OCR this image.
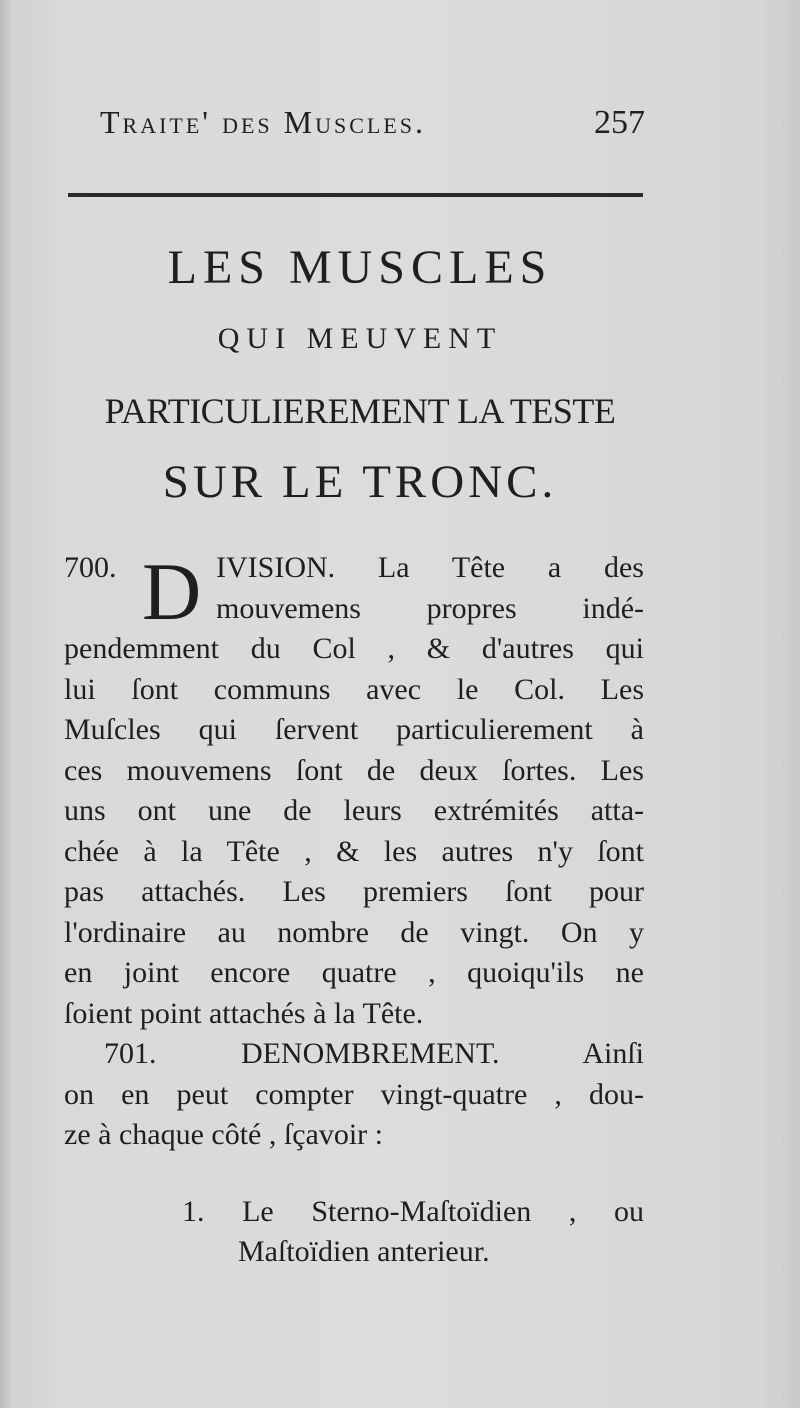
Traite' des Muscles.	257
LES MUSCLES
QUI MEUVENT
PARTICULIEREMENT LA TESTE
SUR LE TRONC.
D
700.	IVISION. La Tête a des
mouvemens propres indé-
pendemment du Col , & d'autres qui
lui ſont communs avec le Col. Les
Muſcles qui ſervent particulierement à
ces mouvemens ſont de deux ſortes. Les
uns ont une de leurs extrémités atta-
chée à la Tête , & les autres n'y ſont
pas attachés. Les premiers ſont pour
l'ordinaire au nombre de vingt. On y
en joint encore quatre , quoiqu'ils ne
ſoient point attachés à la Tête.
701. DENOMBREMENT. Ainſi
on en peut compter vingt-quatre , dou-
ze à chaque côté , ſçavoir :
1. Le Sterno-Maſtoïdien , ou
Maſtoïdien anterieur.
